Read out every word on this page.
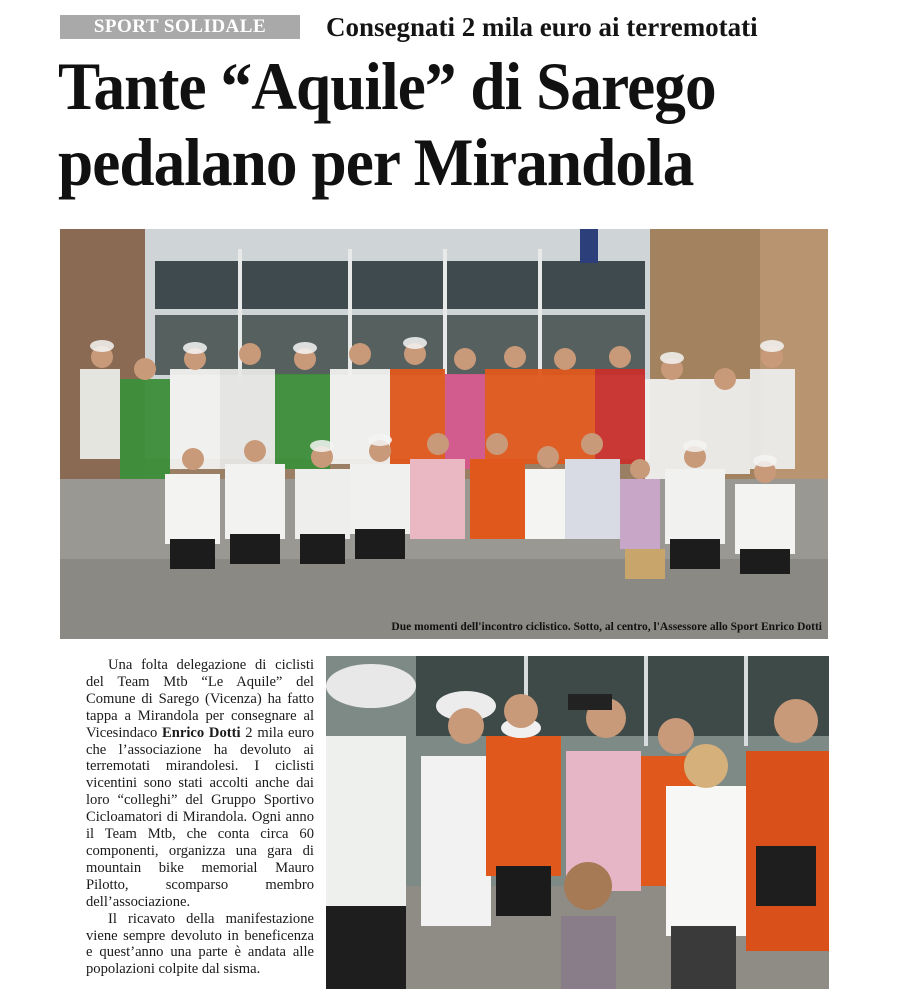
SPORT SOLIDALE	Consegnati 2 mila euro ai terremotati
Tante “Aquile” di Sarego
pedalano per Mirandola
Due momenti dell'incontro ciclistico. Sotto, al centro, l'Assessore allo Sport Enrico Dotti

Una folta delegazione di ciclisti del Team Mtb “Le Aquile” del Comune di Sarego (Vicenza) ha fatto tappa a Mirandola per consegnare al Vicesindaco Enrico Dotti 2 mila euro che l’associazione ha devoluto ai terremotati mirandolesi. I ciclisti vicentini sono stati accolti anche dai loro “colleghi” del Gruppo Sportivo Cicloamatori di Mirandola. Ogni anno il Team Mtb, che conta circa 60 componenti, organizza una gara di mountain bike memorial Mauro Pilotto, scomparso membro dell’associazione.

Il ricavato della manifestazione viene sempre devoluto in beneficenza e quest’anno una parte è andata alle popolazioni colpite dal sisma.
